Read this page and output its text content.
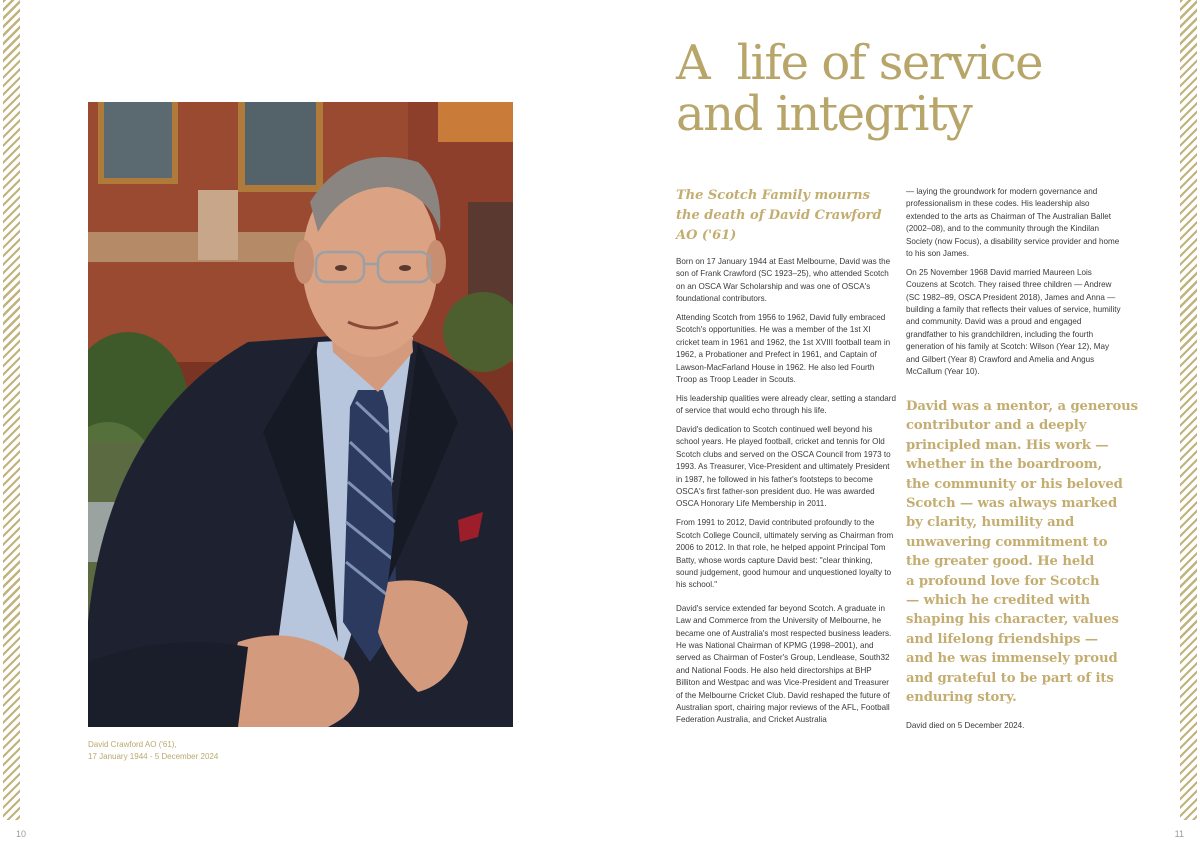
David Crawford AO ('61),
17 January 1944 - 5 December 2024
10	11
A  life of service
and integrity
The Scotch Family mourns the death of David Crawford AO ('61)

Born on 17 January 1944 at East Melbourne, David was the son of Frank Crawford (SC 1923–25), who attended Scotch on an OSCA War Scholarship and was one of OSCA's foundational contributors.

Attending Scotch from 1956 to 1962, David fully embraced Scotch's opportunities. He was a member of the 1st XI cricket team in 1961 and 1962, the 1st XVIII football team in 1962, a Probationer and Prefect in 1961, and Captain of Lawson-MacFarland House in 1962. He also led Fourth Troop as Troop Leader in Scouts.

His leadership qualities were already clear, setting a standard of service that would echo through his life.

David's dedication to Scotch continued well beyond his school years. He played football, cricket and tennis for Old Scotch clubs and served on the OSCA Council from 1973 to 1993. As Treasurer, Vice-President and ultimately President in 1987, he followed in his father's footsteps to become OSCA's first father-son president duo. He was awarded OSCA Honorary Life Membership in 2011.

From 1991 to 2012, David contributed profoundly to the Scotch College Council, ultimately serving as Chairman from 2006 to 2012. In that role, he helped appoint Principal Tom Batty, whose words capture David best: "clear thinking, sound judgement, good humour and unquestioned loyalty to his school."

David's service extended far beyond Scotch. A graduate in Law and Commerce from the University of Melbourne, he became one of Australia's most respected business leaders. He was National Chairman of KPMG (1998–2001), and served as Chairman of Foster's Group, Lendlease, South32 and National Foods. He also held directorships at BHP Billiton and Westpac and was Vice-President and Treasurer of the Melbourne Cricket Club. David reshaped the future of Australian sport, chairing major reviews of the AFL, Football Federation Australia, and Cricket Australia

— laying the groundwork for modern governance and professionalism in these codes. His leadership also extended to the arts as Chairman of The Australian Ballet (2002–08), and to the community through the Kindilan Society (now Focus), a disability service provider and home to his son James.

On 25 November 1968 David married Maureen Lois Couzens at Scotch. They raised three children — Andrew (SC 1982–89, OSCA President 2018), James and Anna — building a family that reflects their values of service, humility and community. David was a proud and engaged grandfather to his grandchildren, including the fourth generation of his family at Scotch: Wilson (Year 12), May and Gilbert (Year 8) Crawford and Amelia and Angus McCallum (Year 10).

David was a mentor, a generous
contributor and a deeply
principled man. His work —
whether in the boardroom,
the community or his beloved
Scotch — was always marked
by clarity, humility and
unwavering commitment to
the greater good. He held
a profound love for Scotch
— which he credited with
shaping his character, values
and lifelong friendships —
and he was immensely proud
and grateful to be part of its
enduring story.
David died on 5 December 2024.
